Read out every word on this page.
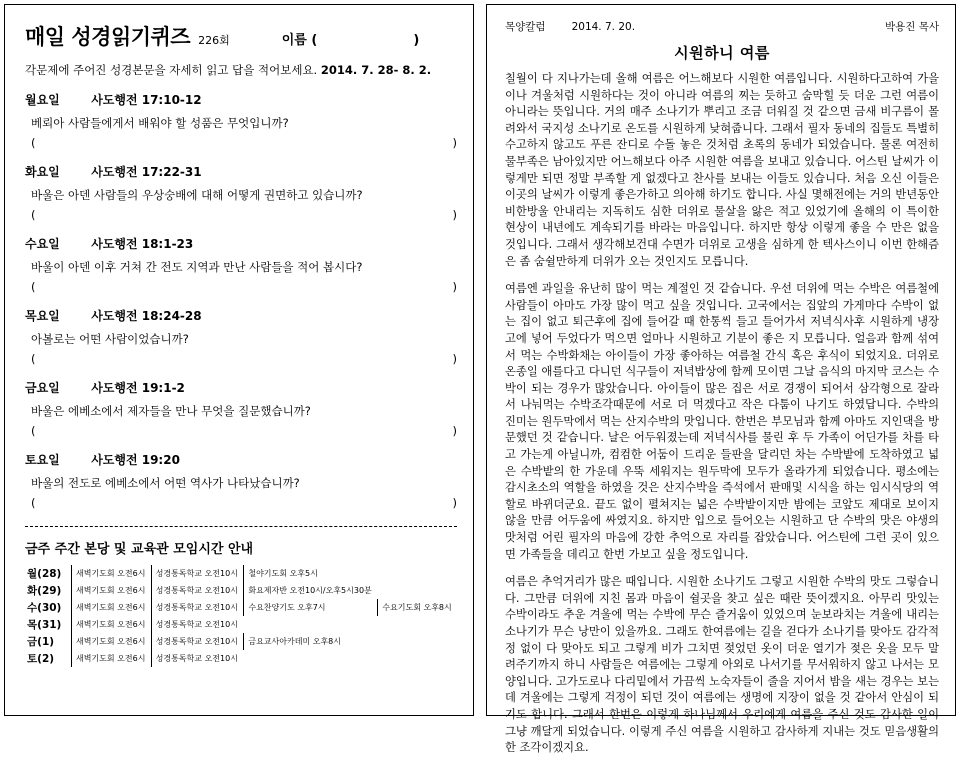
매일 성경읽기퀴즈 226회	이름 (	)
각문제에 주어진 성경본문을 자세히 읽고 답을 적어보세요. 2014. 7. 28- 8. 2.
월요일	사도행전 17:10-12
베뢰아 사람들에게서 배워야 할 성품은 무엇입니까?
(	)
화요일	사도행전 17:22-31
바울은 아덴 사람들의 우상숭배에 대해 어떻게 권면하고 있습니까?
(	)
수요일	사도행전 18:1-23
바울이 아덴 이후 거쳐 간 전도 지역과 만난 사람들을 적어 봅시다?
(	)
목요일	사도행전 18:24-28
아볼로는 어떤 사람이었습니까?
(	)
금요일	사도행전 19:1-2
바울은 에베소에서 제자들을 만나 무엇을 질문했습니까?
(	)
토요일	사도행전 19:20
바울의 전도로 에베소에서 어떤 역사가 나타났습니까?
(	)
금주 주간 본당 및 교육관 모임시간 안내
월(28)	새벽기도회 오전6시	성경통독학교 오전10시	철야기도회 오후5시	
화(29)	새벽기도회 오전6시	성경통독학교 오전10시	화요제자반 오전10시/오후5시30분	
수(30)	새벽기도회 오전6시	성경통독학교 오전10시	수요찬양기도 오후7시	수요기도회 오후8시
목(31)	새벽기도회 오전6시	성경통독학교 오전10시		
금(1)	새벽기도회 오전6시	성경통독학교 오전10시	금요교사아카데미 오후8시	
토(2)	새벽기도회 오전6시	성경통독학교 오전10시		
목양칼럼 2014. 7. 20.	박용진 목사
시원하니 여름

칠월이 다 지나가는데 올해 여름은 어느해보다 시원한 여름입니다. 시원하다고하여 가을이나 겨울처럼 시원하다는 것이 아니라 여름의 찌는 듯하고 숨막힐 듯 더운 그런 여름이 아니라는 뜻입니다. 거의 매주 소나기가 뿌리고 조금 더워질 것 같으면 금새 비구름이 몰려와서 국지성 소나기로 온도를 시원하게 낮혀줍니다. 그래서 필자 동네의 집들도 특별히 수고하지 않고도 푸른 잔디로 수돌 놓은 것처럼 초록의 동네가 되었습니다. 물론 여전히 물부족은 남아있지만 어느해보다 아주 시원한 여름을 보내고 있습니다. 어스틴 날씨가 이렇게만 되면 정말 부족할 게 없겠다고 찬사를 보내는 이들도 있습니다. 처음 오신 이들은 이곳의 날씨가 이렇게 좋은가하고 의아해 하기도 합니다. 사실 몇해전에는 거의 반년동안 비한방울 안내리는 지독히도 심한 더위로 물살을 앓은 적고 있었기에 올해의 이 특이한 현상이 내년에도 계속되기를 바라는 마음입니다. 하지만 항상 이렇게 좋을 수 만은 없을 것입니다. 그래서 생각해보건대 수면가 더위로 고생을 심하게 한 텍사스이니 이번 한해즘은 좀 숨쉴만하게 더위가 오는 것인지도 모릅니다.

여름엔 과일을 유난히 많이 먹는 계절인 것 같습니다. 우선 더위에 먹는 수박은 여름철에 사람들이 아마도 가장 많이 먹고 싶을 것입니다. 고국에서는 집앞의 가게마다 수박이 없는 집이 없고 퇴근후에 집에 들어갈 때 한통씩 들고 들어가서 저녁식사후 시원하게 냉장고에 넣어 두었다가 먹으면 얼마나 시원하고 기분이 좋은 지 모릅니다. 얼음과 함께 섞여서 먹는 수박화채는 아이들이 가장 좋아하는 여름철 간식 혹은 후식이 되었지요. 더위로 온종일 애를다고 다니던 식구들이 저녁밥상에 함께 모이면 그날 음식의 마지막 코스는 수박이 되는 경우가 많았습니다. 아이들이 많은 집은 서로 경쟁이 되어서 삼각형으로 잘라서 나눠먹는 수박조각때문에 서로 더 먹겠다고 작은 다툼이 나기도 하였답니다. 수박의 진미는 원두막에서 먹는 산지수박의 맛입니다. 한번은 부모님과 함께 아마도 지인댁을 방문했던 것 같습니다. 날은 어두워졌는데 저녁식사를 물린 후 두 가족이 어딘가를 차를 타고 가는게 아닐니까, 컴컴한 어둠이 드리운 들판을 달리던 차는 수박밭에 도착하였고 넓은 수박밭의 한 가운데 우뚝 세워지는 원두막에 모두가 올라가게 되었습니다. 평소에는 감시초소의 역할을 하였을 것은 산지수박을 즉석에서 판매및 시식을 하는 임시식당의 역할로 바뀌더군요. 끝도 없이 펼쳐지는 넓은 수박밭이지만 밤에는 코앞도 제대로 보이지 않을 만큼 어두움에 싸였지요. 하지만 입으로 들어오는 시원하고 단 수박의 맛은 야생의 맛처럼 어린 필자의 마음에 강한 추억으로 자리를 잡았습니다. 어스틴에 그런 곳이 있으면 가족들을 데리고 한번 가보고 싶을 정도입니다.

여름은 추억거리가 많은 때입니다. 시원한 소나기도 그렇고 시원한 수박의 맛도 그렇습니다. 그만큼 더위에 지친 몸과 마음이 쉴곳을 찾고 싶은 때란 뜻이겠지요. 아무리 맛있는 수박이라도 추운 겨울에 먹는 수박에 무슨 즐거움이 있었으며 눈보라치는 겨울에 내리는 소나기가 무슨 낭만이 있을까요. 그래도 한여름에는 길을 걷다가 소나기를 맞아도 감각적정 없이 다 맞아도 되고 그렇게 비가 그치면 젖었던 옷이 더운 열기가 젖은 옷을 모두 말려주기까지 하니 사람들은 여름에는 그렇게 아외로 나서기를 무서워하지 않고 나서는 모양입니다. 고가도로나 다리밑에서 가끔씩 노숙자들이 줄을 지어서 밤을 새는 경우는 보는데 겨울에는 그렇게 걱정이 되던 것이 여름에는 생명에 지장이 없을 것 같아서 안심이 되기도 합니다. 그래서 한번은 이렇게 하나님께서 우리에게 여름을 주신 것도 감사한 일이 그냥 깨달게 되었습니다. 이렇게 주신 여름을 시원하고 감사하게 지내는 것도 믿음생활의 한 조각이겠지요.
